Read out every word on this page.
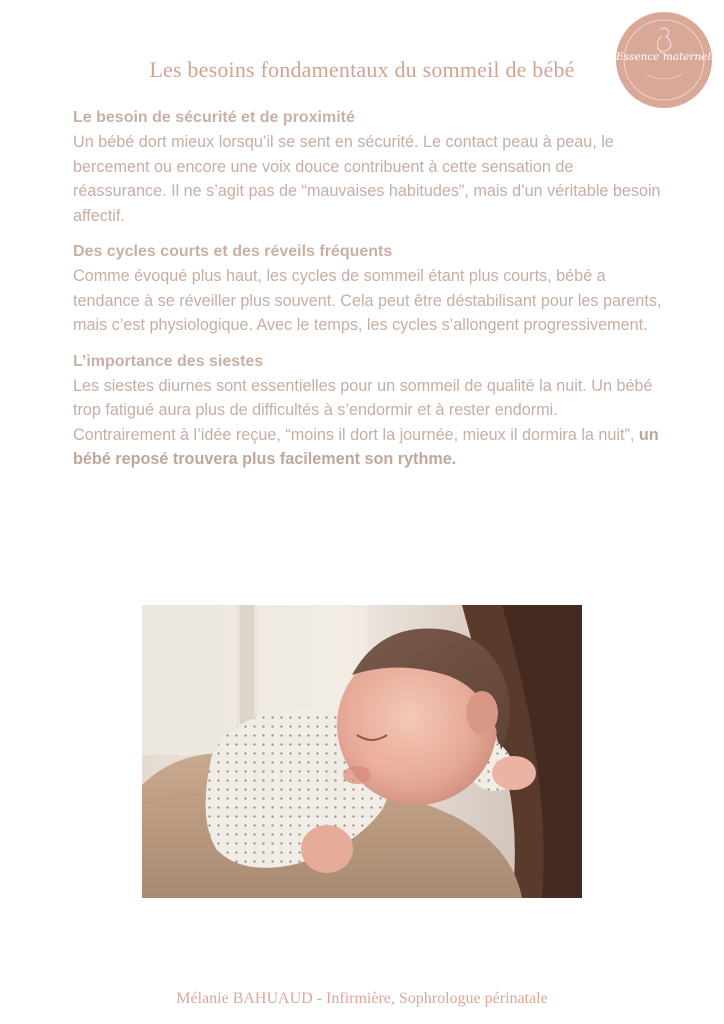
Les besoins fondamentaux du sommeil de bébé	Essence maternelle
Le besoin de sécurité et de proximité

Un bébé dort mieux lorsqu’il se sent en sécurité. Le contact peau à peau, le bercement ou encore une voix douce contribuent à cette sensation de réassurance. Il ne s’agit pas de “mauvaises habitudes”, mais d’un véritable besoin affectif.

Des cycles courts et des réveils fréquents

Comme évoqué plus haut, les cycles de sommeil étant plus courts, bébé a tendance à se réveiller plus souvent. Cela peut être déstabilisant pour les parents, mais c’est physiologique. Avec le temps, les cycles s’allongent progressivement.

L’importance des siestes

Les siestes diurnes sont essentielles pour un sommeil de qualité la nuit. Un bébé trop fatigué aura plus de difficultés à s’endormir et à rester endormi. Contrairement à l’idée reçue, “moins il dort la journée, mieux il dormira la nuit”, un bébé reposé trouvera plus facilement son rythme.

Mélanie BAHUAUD - Infirmière, Sophrologue périnatale
